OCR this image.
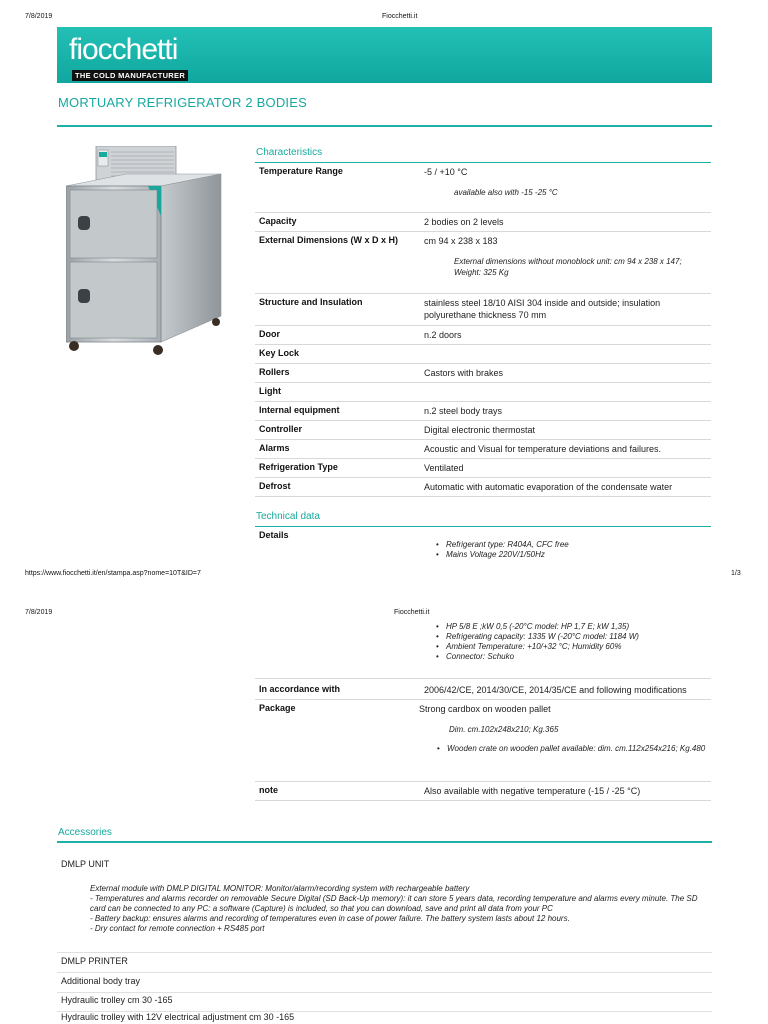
7/8/2019	Fiocchetti.it
fiocchetti
THE COLD MANUFACTURER
MORTUARY REFRIGERATOR 2 BODIES
Characteristics
Temperature Range	-5 / +10 °C
available also with -15 -25 °C
Capacity	2 bodies on 2 levels
External Dimensions (W x D x H)	cm 94 x 238 x 183
External dimensions without monoblock unit: cm 94 x 238 x 147; Weight: 325 Kg
Structure and Insulation	stainless steel 18/10 AISI 304 inside and outside; insulation polyurethane thickness 70 mm
Door	n.2 doors
Key Lock
Rollers	Castors with brakes
Light
Internal equipment	n.2 steel body trays
Controller	Digital electronic thermostat
Alarms	Acoustic and Visual for temperature deviations and failures.
Refrigeration Type	Ventilated
Defrost	Automatic with automatic evaporation of the condensate water
Technical data
Details
• Refrigerant type: R404A, CFC free
• Mains Voltage 220V/1/50Hz
https://www.fiocchetti.it/en/stampa.asp?nome=10T&ID=7	1/3
7/8/2019	Fiocchetti.it
• HP 5/8 E ;kW 0,5 (-20°C model: HP 1,7 E; kW 1,35)
• Refrigerating capacity: 1335 W (-20°C model: 1184 W)
• Ambient Temperature: +10/+32 °C; Humidity 60%
• Connector: Schuko
In accordance with	2006/42/CE, 2014/30/CE, 2014/35/CE and following modifications
Package	Strong cardbox on wooden pallet
Dim. cm.102x248x210; Kg.365
• Wooden crate on wooden pallet available: dim. cm.112x254x216; Kg.480
note	Also available with negative temperature (-15 / -25 °C)
Accessories
DMLP UNIT
External module with DMLP DIGITAL MONITOR: Monitor/alarm/recording system with rechargeable battery
- Temperatures and alarms recorder on removable Secure Digital (SD Back-Up memory): it can store 5 years data, recording temperature and alarms every minute. The SD card can be connected to any PC: a software (Capture) is included, so that you can download, save and print all data from your PC
- Battery backup: ensures alarms and recording of temperatures even in case of power failure. The battery system lasts about 12 hours.
- Dry contact for remote connection + RS485 port
DMLP PRINTER
Additional body tray
Hydraulic trolley cm 30 -165
Hydraulic trolley with 12V electrical adjustment cm 30 -165
